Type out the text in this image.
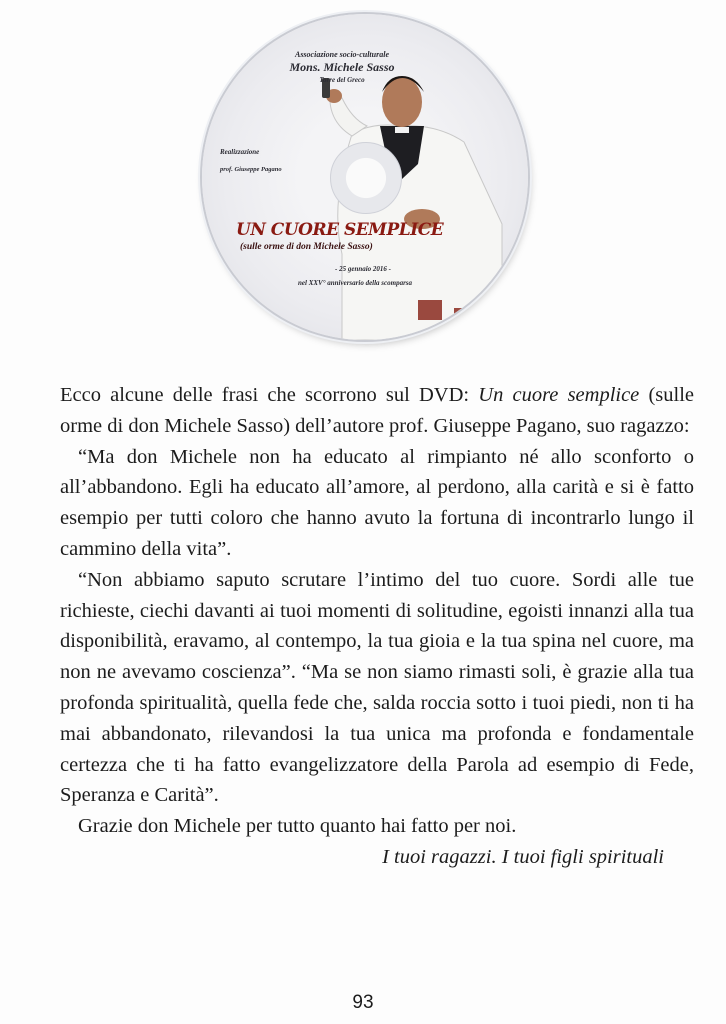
Associazione socio-culturale
Mons. Michele Sasso
Torre del Greco
Realizzazione
prof. Giuseppe Pagano
UN CUORE SEMPLICE
(sulle orme di don Michele Sasso)
- 25 gennaio 2016 -
nel XXV° anniversario della scomparsa

Ecco alcune delle frasi che scorrono sul DVD: Un cuore semplice (sulle orme di don Michele Sasso) dell’autore prof. Giuseppe Pagano, suo ragazzo:

“Ma don Michele non ha educato al rimpianto né allo sconforto o all’abbandono. Egli ha educato all’amore, al perdono, alla carità e si è fatto esempio per tutti coloro che hanno avuto la fortuna di incontrarlo lungo il cammino della vita”.

“Non abbiamo saputo scrutare l’intimo del tuo cuore. Sordi alle tue richieste, ciechi davanti ai tuoi momenti di solitudine, egoisti innanzi alla tua disponibilità, eravamo, al contempo, la tua gioia e la tua spina nel cuore, ma non ne avevamo coscienza”. “Ma se non siamo rimasti soli, è grazie alla tua profonda spiritualità, quella fede che, salda roccia sotto i tuoi piedi, non ti ha mai abbandonato, rilevandosi la tua unica ma profonda e fondamentale certezza che ti ha fatto evangelizzatore della Parola ad esempio di Fede, Speranza e Carità”.

Grazie don Michele per tutto quanto hai fatto per noi.

I tuoi ragazzi. I tuoi figli spirituali

93
